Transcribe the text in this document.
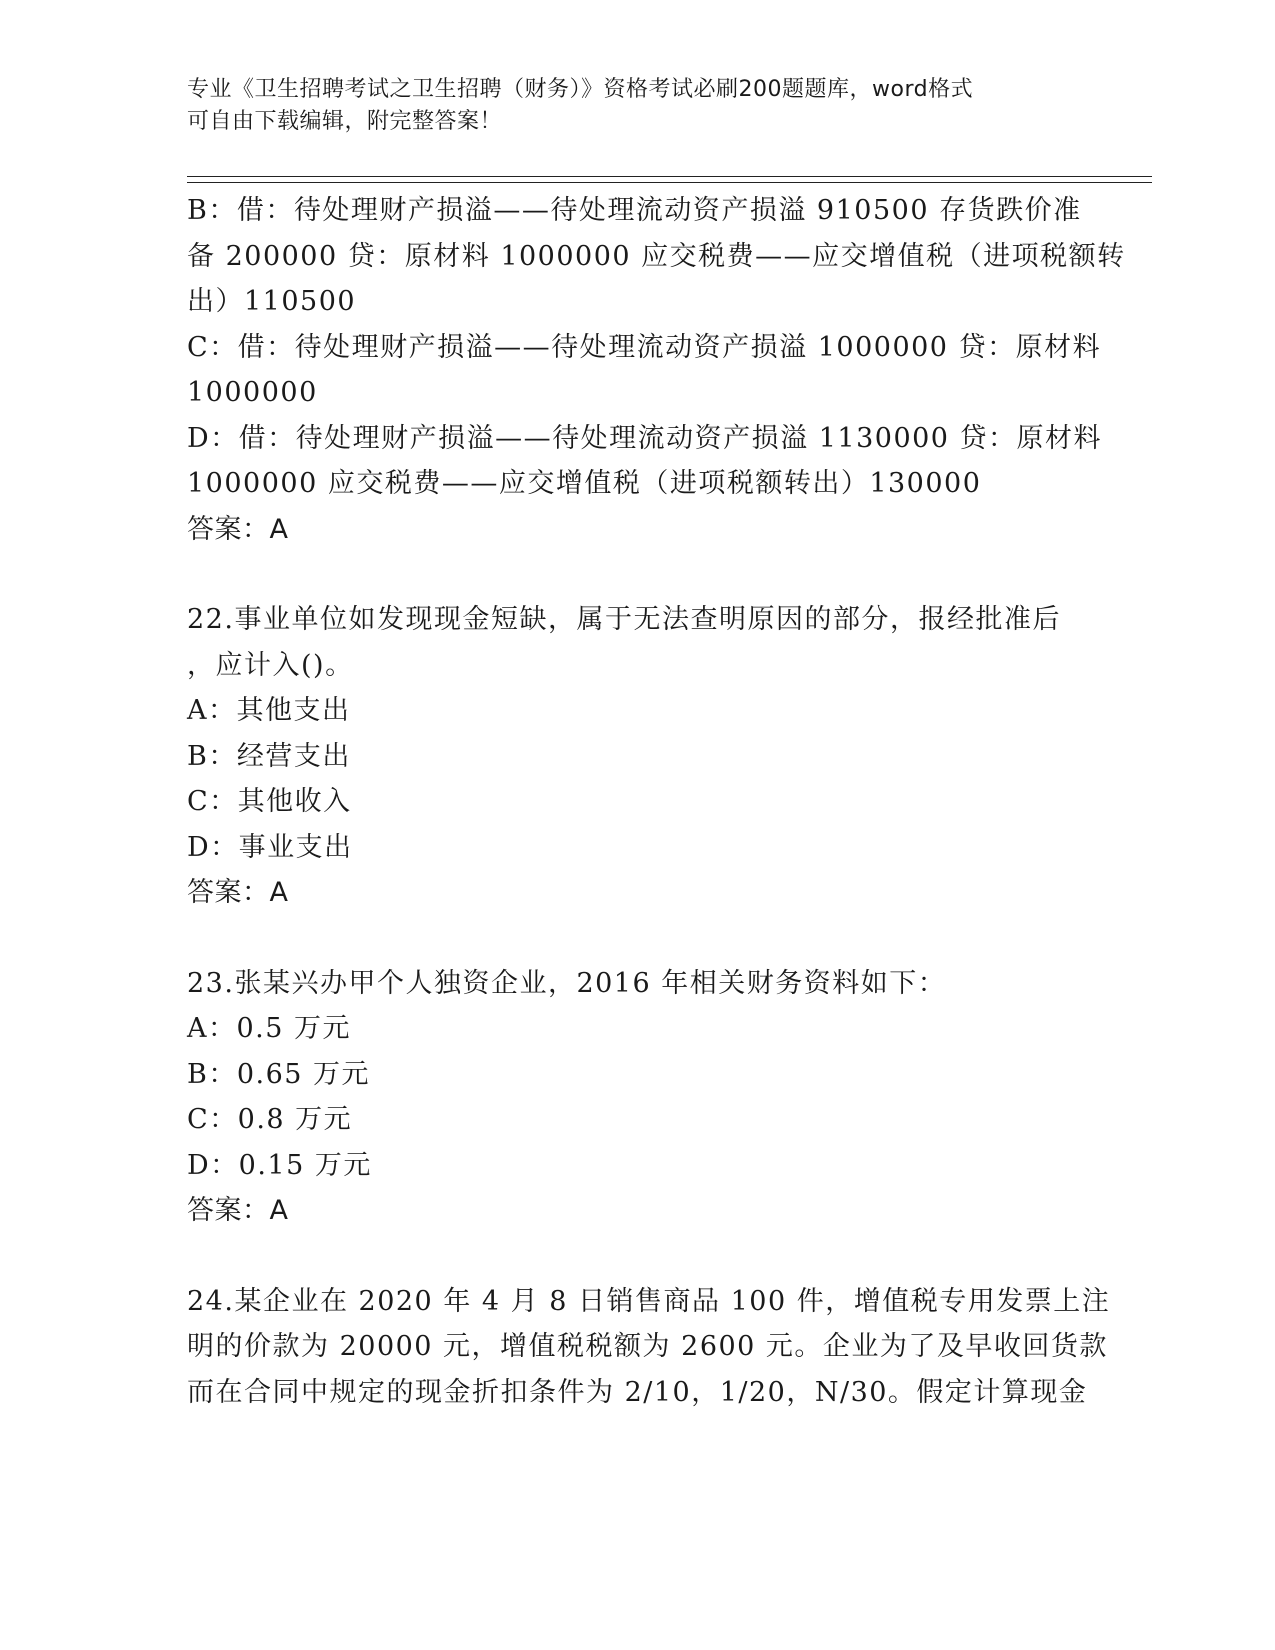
专业《卫生招聘考试之卫生招聘（财务）》资格考试必刷200题题库，word格式
可自由下载编辑，附完整答案！
B：借：待处理财产损溢——待处理流动资产损溢 910500 存货跌价准
备 200000 贷：原材料 1000000 应交税费——应交增值税（进项税额转
出）110500
C：借：待处理财产损溢——待处理流动资产损溢 1000000 贷：原材料
1000000
D：借：待处理财产损溢——待处理流动资产损溢 1130000 贷：原材料
1000000 应交税费——应交增值税（进项税额转出）130000
答案：A
22.事业单位如发现现金短缺，属于无法查明原因的部分，报经批准后
，应计入()。
A：其他支出
B：经营支出
C：其他收入
D：事业支出
答案：A
23.张某兴办甲个人独资企业，2016 年相关财务资料如下：
A：0.5 万元
B：0.65 万元
C：0.8 万元
D：0.15 万元
答案：A
24.某企业在 2020 年 4 月 8 日销售商品 100 件，增值税专用发票上注
明的价款为 20000 元，增值税税额为 2600 元。企业为了及早收回货款
而在合同中规定的现金折扣条件为 2/10，1/20，N/30。假定计算现金
